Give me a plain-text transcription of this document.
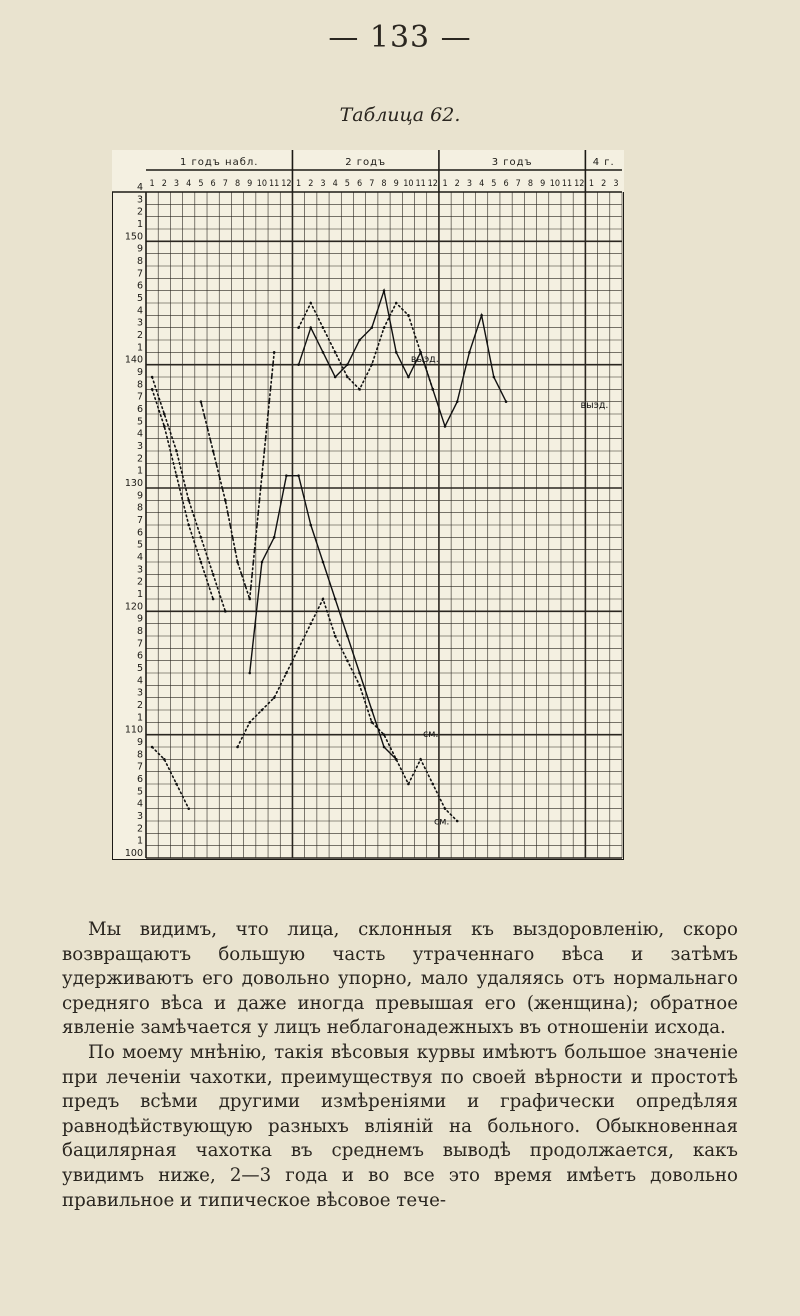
— 133 —
Таблица 62.
1 годъ набл.	2 годъ	3 годъ	4 г.
1 2 3 4 5 6 7 8 9 10 11 12 1 2 3 4 5 6 7 8 9 10 11 12 1 2 3 4 5 6 7 8 9 10 11 12 1 2 3
4
3
2
1
150
9
8
7
6
5
4
3
2
1
140
9
8
7
6
5
4
3
2
1
130
9
8
7
6
5
4
3
2
1
120
9
8
7
6
5
4
3
2
1
110
9
8
7
6
5
4
3
2
1
100
выэд.
выэд.
см.
см.

Мы видимъ, что лица, склонныя къ выздоровленію, скоро возвращаютъ большую часть утраченнаго вѣса и затѣмъ удерживаютъ его довольно упорно, мало удаляясь отъ нормальнаго средняго вѣса и даже иногда превышая его (женщина); обратное явленіе замѣчается у лицъ неблагонадежныхъ въ отношеніи исхода.

По моему мнѣнію, такія вѣсовыя курвы имѣютъ большое значеніе при леченіи чахотки, преимуществуя по своей вѣрности и простотѣ предъ всѣми другими измѣреніями и графически опредѣляя равнодѣйствующую разныхъ вліяній на больного. Обыкновенная бацилярная чахотка въ среднемъ выводѣ продолжается, какъ увидимъ ниже, 2—3 года и во все это время имѣетъ довольно правильное и типическое вѣсовое тече-
